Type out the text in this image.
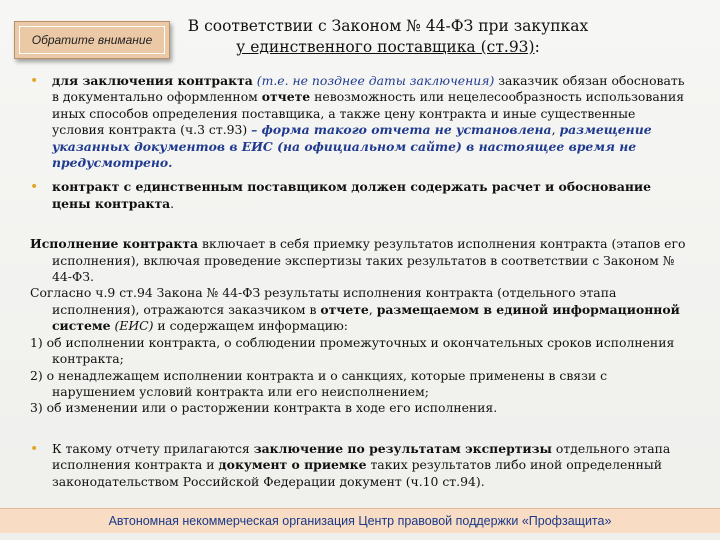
Обратите внимание
В соответствии с Законом № 44-ФЗ при закупках
у единственного поставщика (ст.93):
• для заключения контракта (т.е. не позднее даты заключения) заказчик обязан обосновать в документально оформленном отчете невозможность или нецелесообразность использования иных способов определения поставщика, а также цену контракта и иные существенные условия контракта (ч.3 ст.93) – форма такого отчета не установлена, размещение указанных документов в ЕИС (на официальном сайте) в настоящее время не предусмотрено.
• контракт с единственным поставщиком должен содержать расчет и обоснование цены контракта.
Исполнение контракта включает в себя приемку результатов исполнения контракта (этапов его исполнения), включая проведение экспертизы таких результатов в соответствии с Законом № 44-ФЗ.
Согласно ч.9 ст.94 Закона № 44-ФЗ результаты исполнения контракта (отдельного этапа исполнения), отражаются заказчиком в отчете, размещаемом в единой информационной системе (ЕИС) и содержащем информацию:
1) об исполнении контракта, о соблюдении промежуточных и окончательных сроков исполнения контракта;
2) о ненадлежащем исполнении контракта и о санкциях, которые применены в связи с нарушением условий контракта или его неисполнением;
3) об изменении или о расторжении контракта в ходе его исполнения.
• К такому отчету прилагаются заключение по результатам экспертизы отдельного этапа исполнения контракта и документ о приемке таких результатов либо иной определенный законодательством Российской Федерации документ (ч.10 ст.94).
Автономная некоммерческая организация Центр правовой поддержки «Профзащита»
